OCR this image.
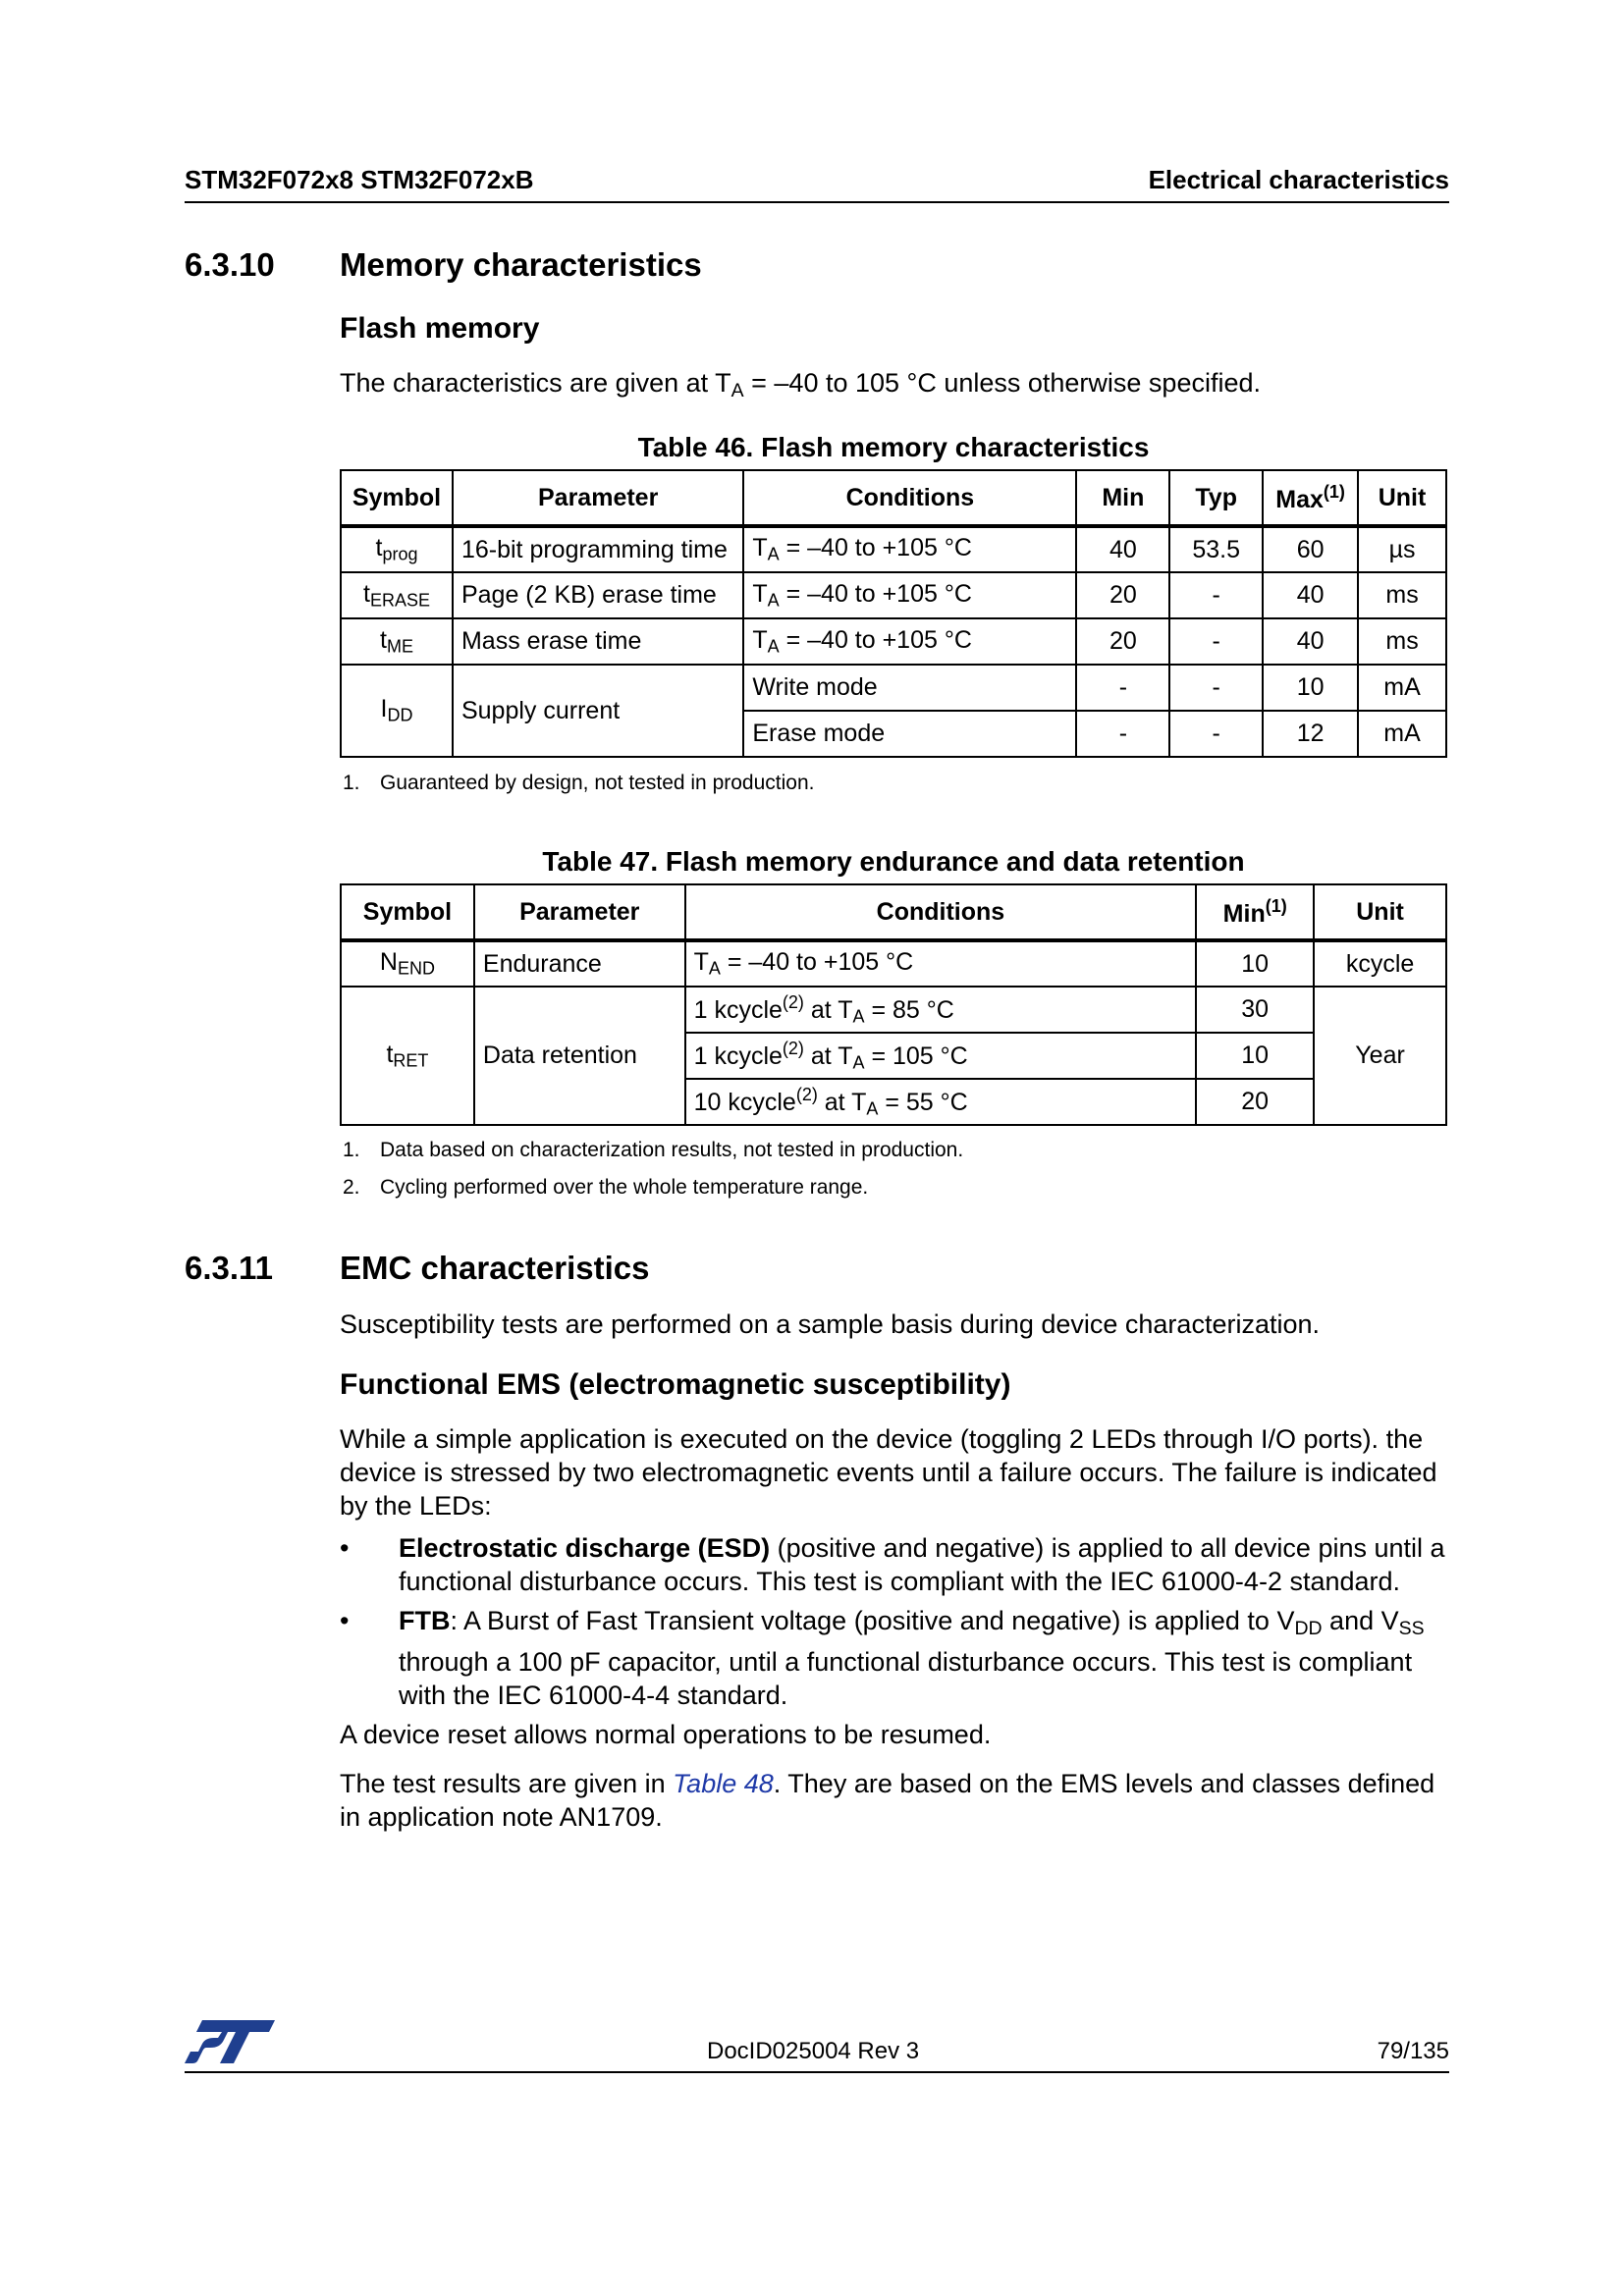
STM32F072x8 STM32F072xB	Electrical characteristics
6.3.10 Memory characteristics
Flash memory
The characteristics are given at $T_A = -40$ to 105 °C unless otherwise specified.
Table 46. Flash memory characteristics
Symbol	Parameter	Conditions	Min	Typ	Max$^{(1)}$	Unit
$t_{prog}$	16-bit programming time	$T_A = -40$ to +105 °C	40	53.5	60	µs
$t_{ERASE}$	Page (2 KB) erase time	$T_A = -40$ to +105 °C	20	-	40	ms
$t_{ME}$	Mass erase time	$T_A = -40$ to +105 °C	20	-	40	ms
$I_{DD}$	Supply current	Write mode	-	-	10	mA
		Erase mode	-	-	12	mA
1. Guaranteed by design, not tested in production.
Table 47. Flash memory endurance and data retention
Symbol	Parameter	Conditions	Min$^{(1)}$	Unit
$N_{END}$	Endurance	$T_A = -40$ to +105 °C	10	kcycle
$t_{RET}$	Data retention	1 kcycle$^{(2)}$ at $T_A = 85$ °C	30	Year
		1 kcycle$^{(2)}$ at $T_A = 105$ °C	10	
		10 kcycle$^{(2)}$ at $T_A = 55$ °C	20	
1. Data based on characterization results, not tested in production.
2. Cycling performed over the whole temperature range.
6.3.11 EMC characteristics
Susceptibility tests are performed on a sample basis during device characterization.
Functional EMS (electromagnetic susceptibility)
While a simple application is executed on the device (toggling 2 LEDs through I/O ports). the device is stressed by two electromagnetic events until a failure occurs. The failure is indicated by the LEDs:
•	Electrostatic discharge (ESD) (positive and negative) is applied to all device pins until a functional disturbance occurs. This test is compliant with the IEC 61000-4-2 standard.
•	FTB: A Burst of Fast Transient voltage (positive and negative) is applied to $V_{DD}$ and $V_{SS}$ through a 100 pF capacitor, until a functional disturbance occurs. This test is compliant with the IEC 61000-4-4 standard.
A device reset allows normal operations to be resumed.
The test results are given in Table 48. They are based on the EMS levels and classes defined in application note AN1709.
DocID025004 Rev 3	79/135
